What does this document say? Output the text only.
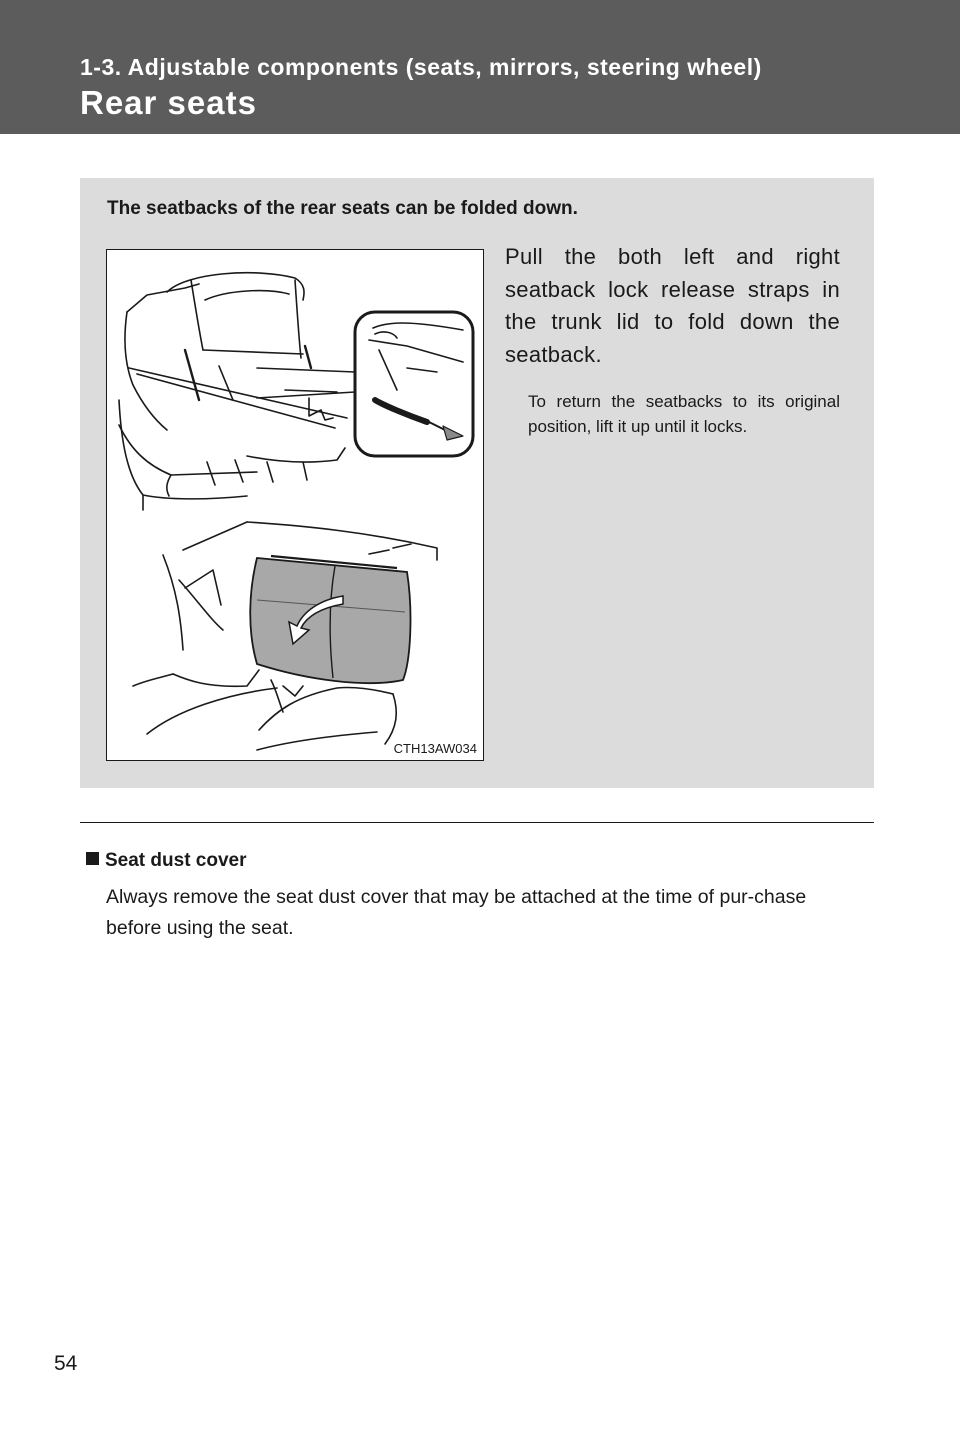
1-3. Adjustable components (seats, mirrors, steering wheel)
Rear seats
The seatbacks of the rear seats can be folded down.
CTH13AW034
Pull the both left and right seatback lock release straps in the trunk lid to fold down the seatback.
To return the seatbacks to its original position, lift it up until it locks.
Seat dust cover
Always remove the seat dust cover that may be attached at the time of pur-chase before using the seat.
54
